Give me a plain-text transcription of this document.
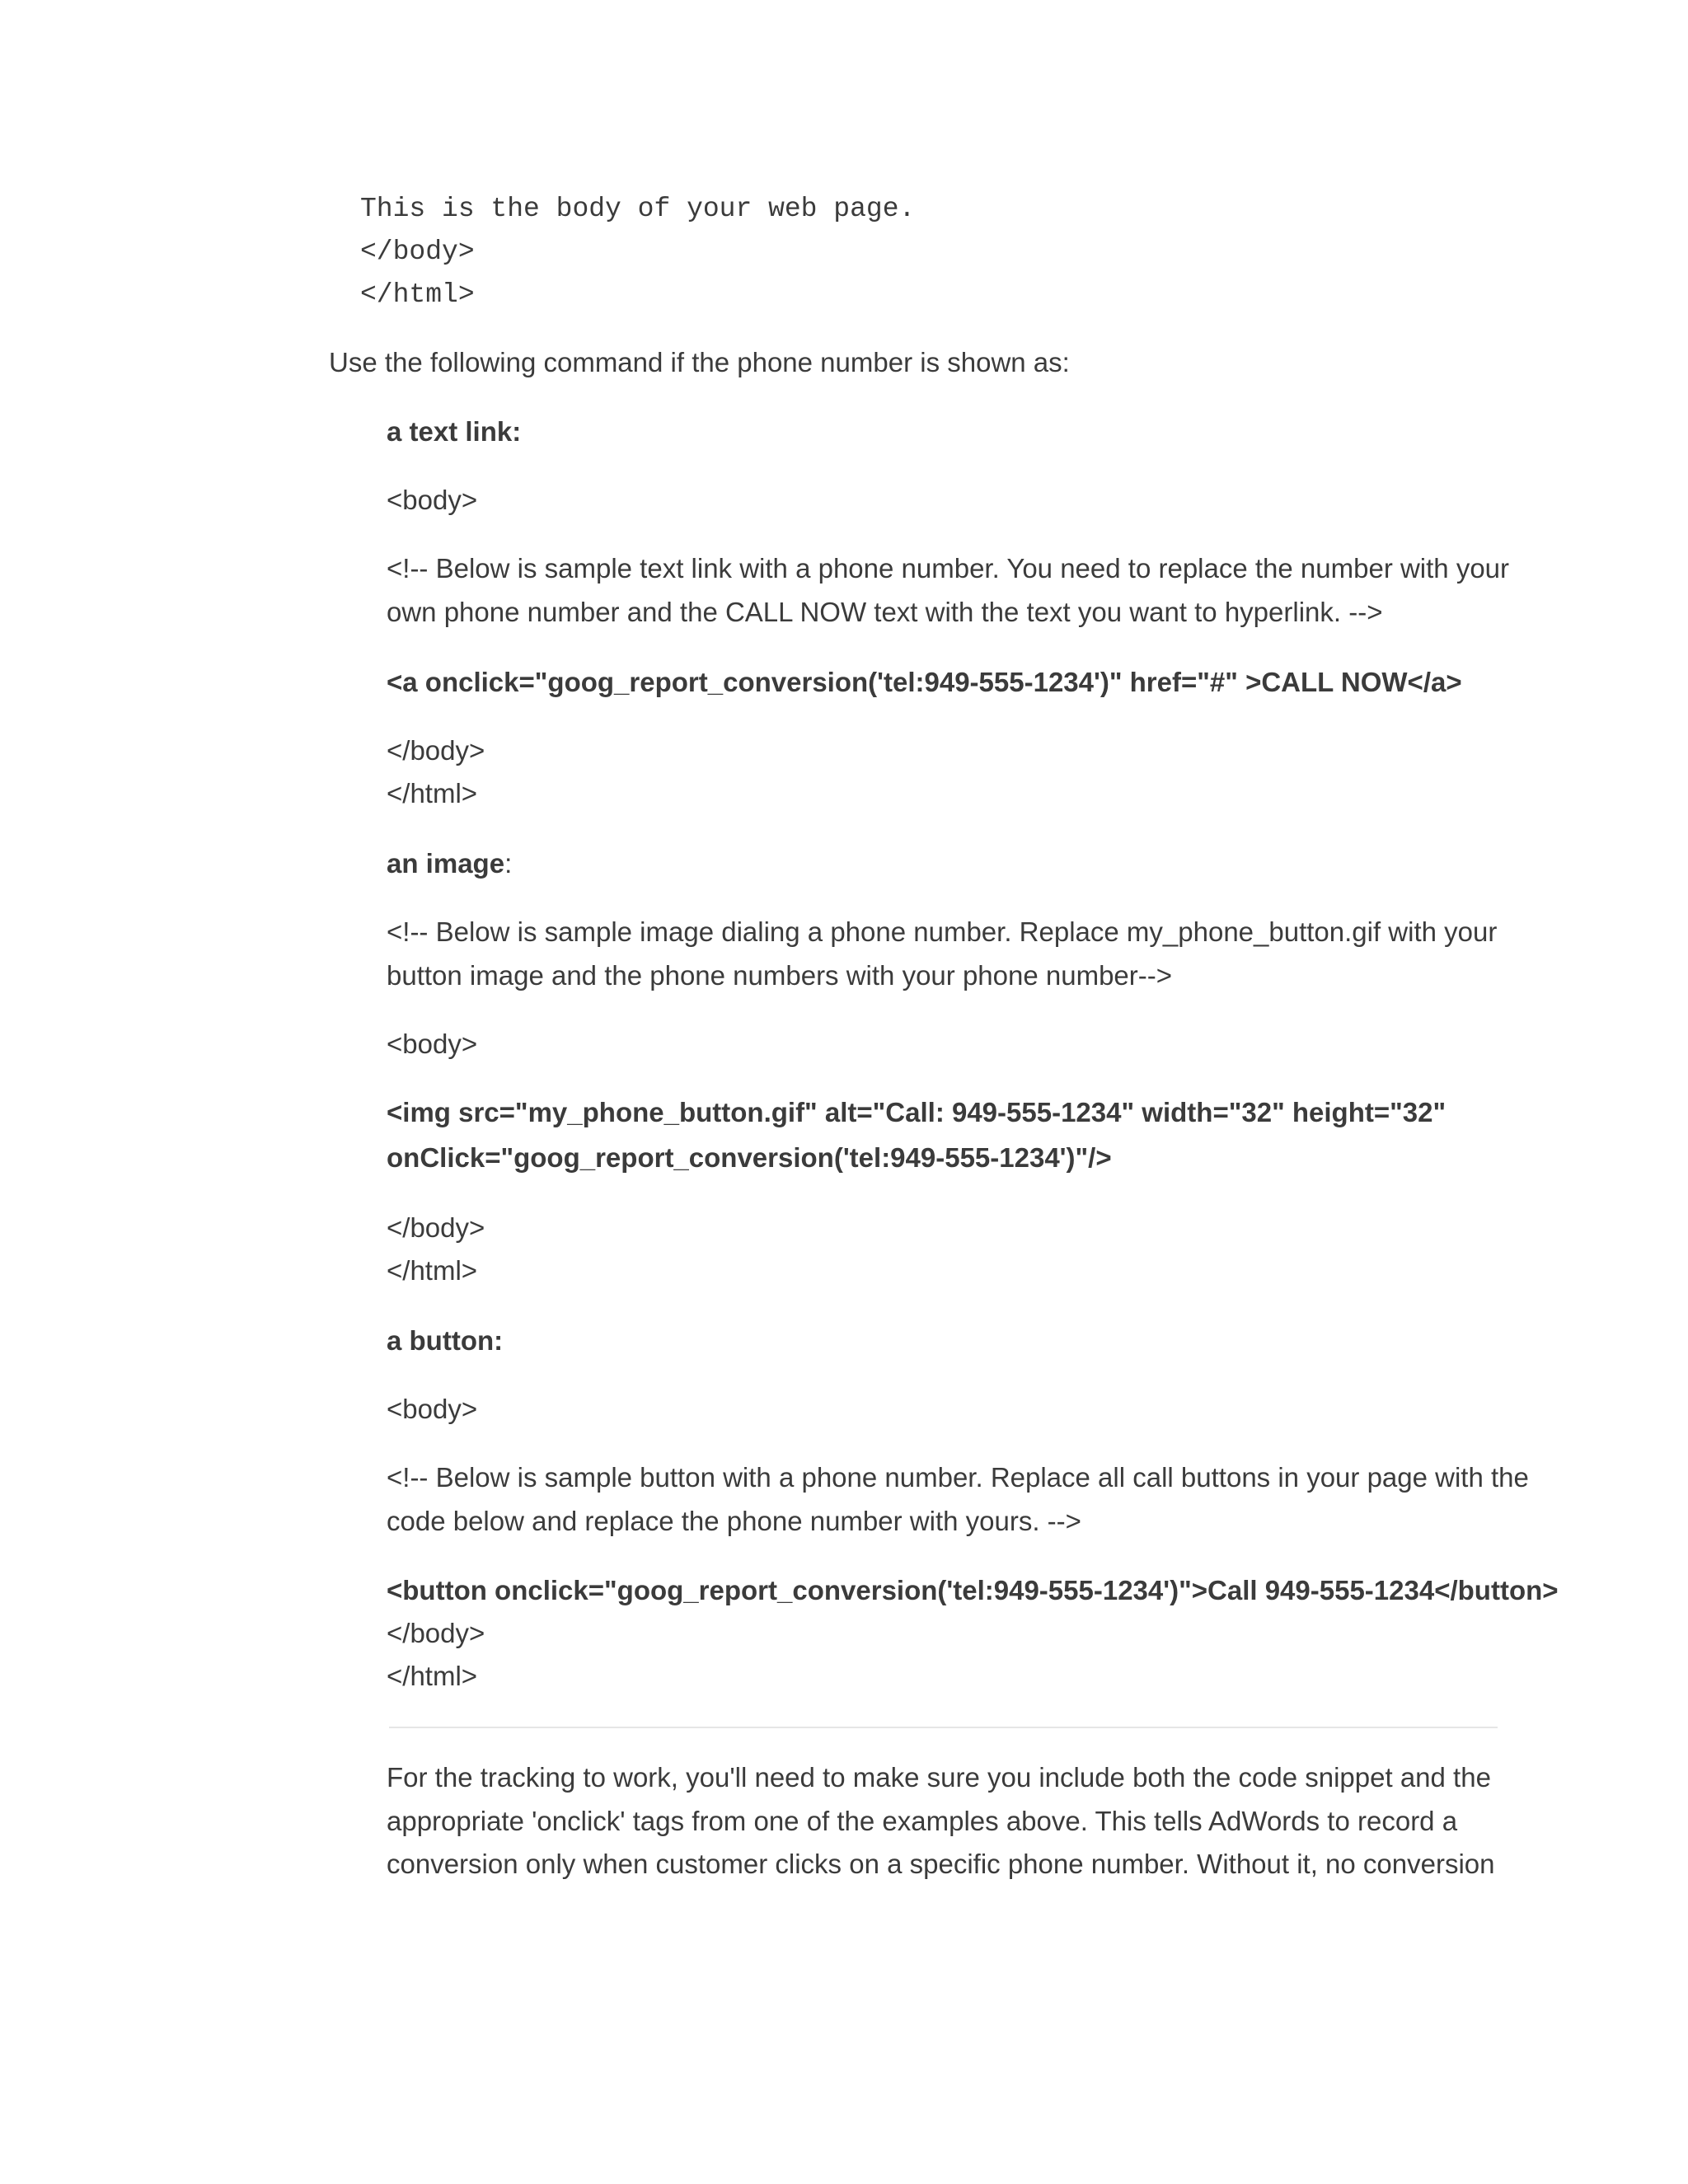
This is the body of your web page.
</body>
</html>
Use the following command if the phone number is shown as:
a text link:
<body>
<!-- Below is sample text link with a phone number. You need to replace the number with your
own phone number and the CALL NOW text with the text you want to hyperlink. -->
<a onclick="goog_report_conversion('tel:949-555-1234')" href="#" >CALL NOW</a>
</body>
</html>
an image:
<!-- Below is sample image dialing a phone number. Replace my_phone_button.gif with your
button image and the phone numbers with your phone number-->
<body>
<img src="my_phone_button.gif" alt="Call: 949-555-1234" width="32" height="32"
onClick="goog_report_conversion('tel:949-555-1234')"/>
</body>
</html>
a button:
<body>
<!-- Below is sample button with a phone number. Replace all call buttons in your page with the
code below and replace the phone number with yours. -->
<button onclick="goog_report_conversion('tel:949-555-1234')">Call 949-555-1234</button>
</body>
</html>
For the tracking to work, you'll need to make sure you include both the code snippet and the
appropriate 'onclick' tags from one of the examples above. This tells AdWords to record a
conversion only when customer clicks on a specific phone number. Without it, no conversion
